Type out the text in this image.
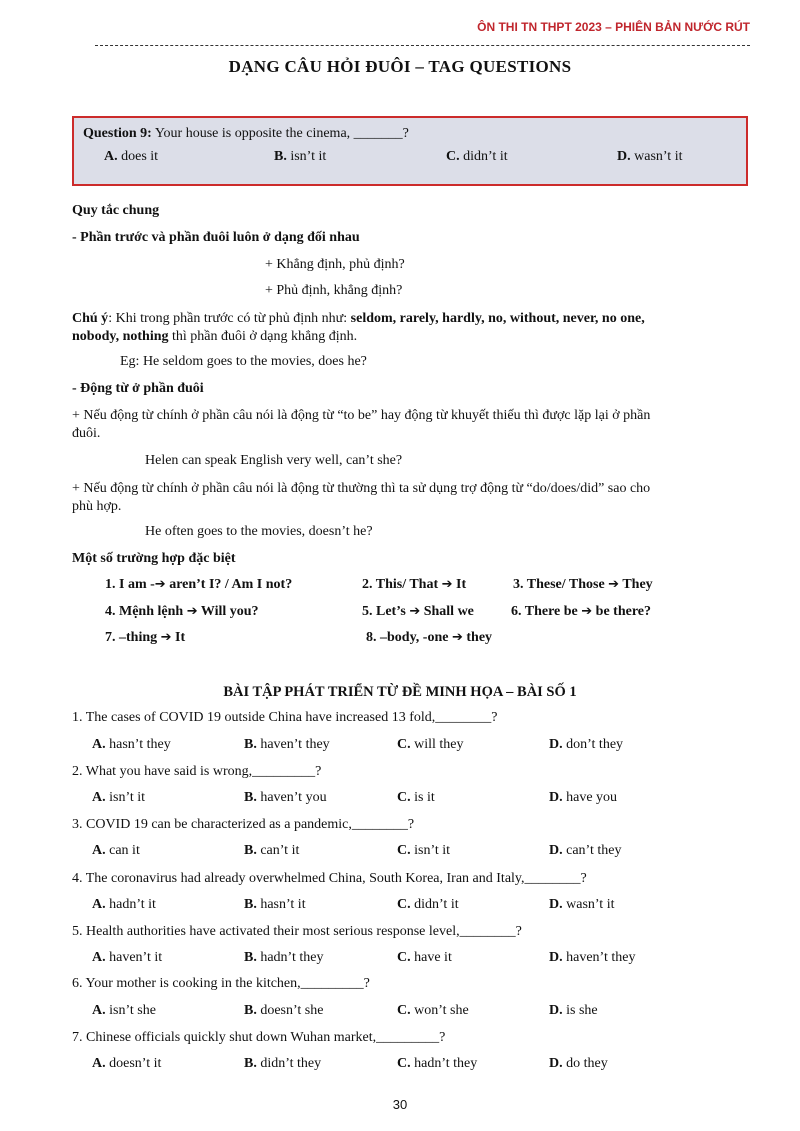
ÔN THI TN THPT 2023 – PHIÊN BẢN NƯỚC RÚT
DẠNG CÂU HỎI ĐUÔI – TAG QUESTIONS
Question 9: Your house is opposite the cinema, _______?
A. does it	B. isn’t it	C. didn’t it	D. wasn’t it
Quy tắc chung
- Phần trước và phần đuôi luôn ở dạng đối nhau
+ Khẳng định, phủ định?
+ Phủ định, khẳng định?
Chú ý: Khi trong phần trước có từ phủ định như: seldom, rarely, hardly, no, without, never, no one,
nobody, nothing thì phần đuôi ở dạng khẳng định.
Eg: He seldom goes to the movies, does he?
- Động từ ở phần đuôi
+ Nếu động từ chính ở phần câu nói là động từ “to be” hay động từ khuyết thiếu thì được lặp lại ở phần
đuôi.
Helen can speak English very well, can’t she?
+ Nếu động từ chính ở phần câu nói là động từ thường thì ta sử dụng trợ động từ “do/does/did” sao cho
phù hợp.
He often goes to the movies, doesn’t he?
Một số trường hợp đặc biệt
1. I am -➔ aren’t I? / Am I not?	2. This/ That ➔ It	3. These/ Those ➔ They
4. Mệnh lệnh ➔ Will you?	5. Let’s ➔ Shall we	6. There be ➔ be there?
7. –thing ➔ It	8. –body, -one ➔ they
BÀI TẬP PHÁT TRIỂN TỪ ĐỀ MINH HỌA – BÀI SỐ 1
1. The cases of COVID 19 outside China have increased 13 fold,________?
A. hasn’t they	B. haven’t they	C. will they	D. don’t they
2. What you have said is wrong,_________?
A. isn’t it	B. haven’t you	C. is it	D. have you
3. COVID 19 can be characterized as a pandemic,________?
A. can it	B. can’t it	C. isn’t it	D. can’t they
4. The coronavirus had already overwhelmed China, South Korea, Iran and Italy,________?
A. hadn’t it	B. hasn’t it	C. didn’t it	D. wasn’t it
5. Health authorities have activated their most serious response level,________?
A. haven’t it	B. hadn’t they	C. have it	D. haven’t they
6. Your mother is cooking in the kitchen,_________?
A. isn’t she	B. doesn’t she	C. won’t she	D. is she
7. Chinese officials quickly shut down Wuhan market,_________?
A. doesn’t it	B. didn’t they	C. hadn’t they	D. do they
30
